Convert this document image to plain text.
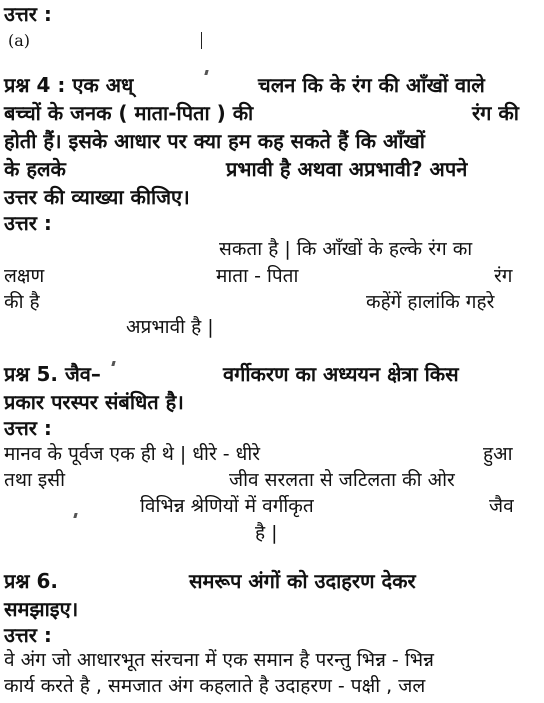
उत्तर :
(a)
प्रश्न 4 : एक अध्	चलन कि के रंग की आँखों वाले
बच्चों के जनक ( माता-पिता ) की	रंग की
होती हैं। इसके आधार पर क्या हम कह सकते हैं कि आँखों
के हलके	प्रभावी है अथवा अप्रभावी? अपने
उत्तर की व्याख्या कीजिए।
उत्तर :
सकता है | कि आँखों के हल्के रंग का
लक्षण	माता - पिता	रंग
की है	कहेंगें हालांकि गहरे
अप्रभावी है |
प्रश्न 5. जैव–	वर्गीकरण का अध्ययन क्षेत्रा किस
प्रकार परस्पर संबंधित है।
उत्तर :
मानव के पूर्वज एक ही थे | धीरे - धीरे	हुआ
तथा इसी	जीव सरलता से जटिलता की ओर
विभिन्न श्रेणियों में वर्गीकृत	जैव
है |
प्रश्न 6.	समरूप अंगों को उदाहरण देकर
समझाइए।
उत्तर :
वे अंग जो आधारभूत संरचना में एक समान है परन्तु भिन्न - भिन्न
कार्य करते है , समजात अंग कहलाते है उदाहरण - पक्षी , जल
